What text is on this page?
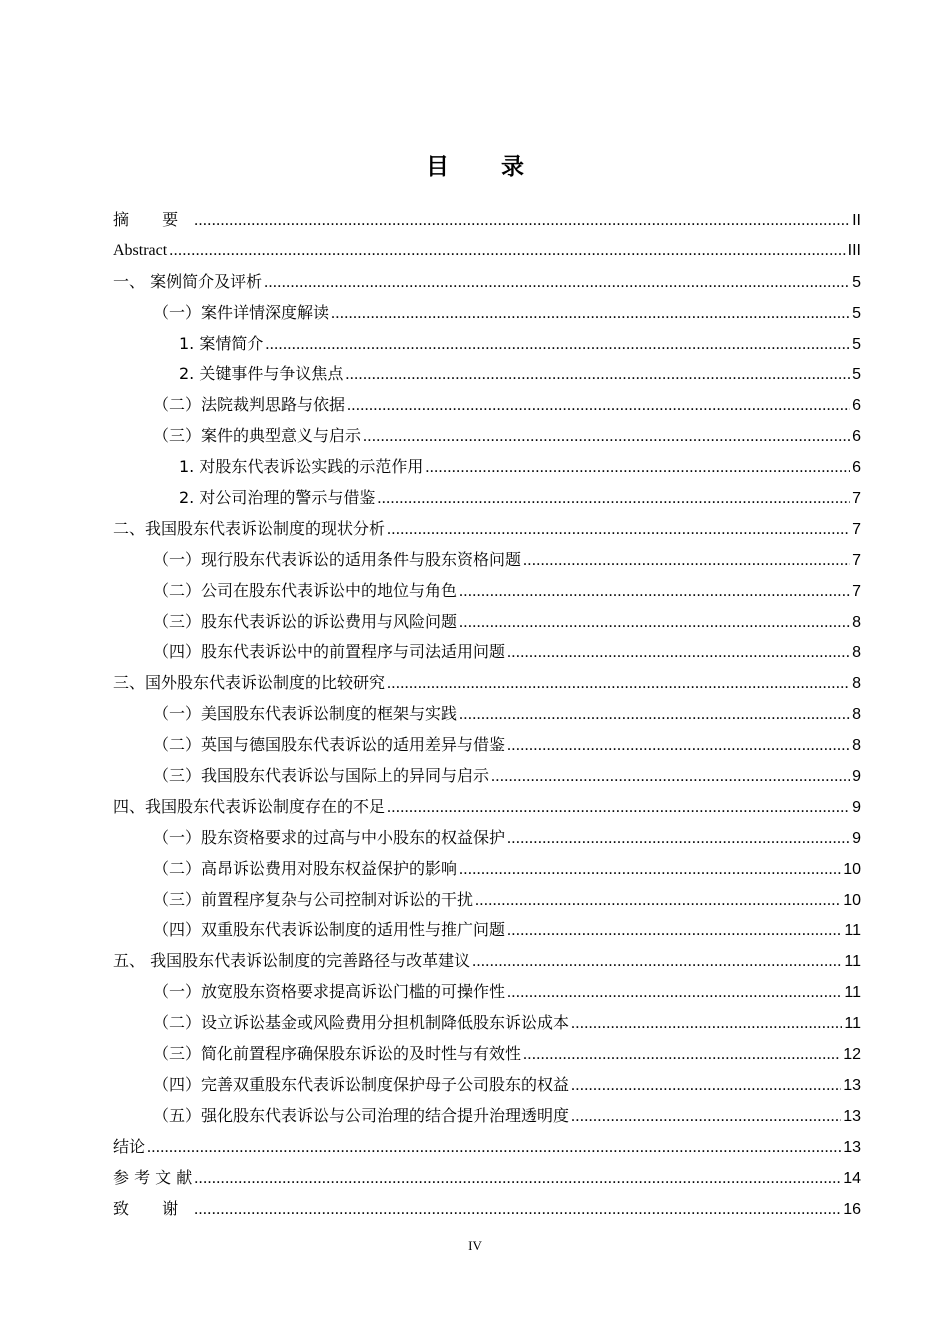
目 录
摘 要 .....	II
Abstract .....	III
一、 案例简介及评析 .....	5
（一）案件详情深度解读 .....	5
1. 案情简介 .....	5
2. 关键事件与争议焦点 .....	5
（二）法院裁判思路与依据 .....	6
（三）案件的典型意义与启示 .....	6
1. 对股东代表诉讼实践的示范作用 .....	6
2. 对公司治理的警示与借鉴 .....	7
二、我国股东代表诉讼制度的现状分析 .....	7
（一）现行股东代表诉讼的适用条件与股东资格问题 .....	7
（二）公司在股东代表诉讼中的地位与角色 .....	7
（三）股东代表诉讼的诉讼费用与风险问题 .....	8
（四）股东代表诉讼中的前置程序与司法适用问题 .....	8
三、国外股东代表诉讼制度的比较研究 .....	8
（一）美国股东代表诉讼制度的框架与实践 .....	8
（二）英国与德国股东代表诉讼的适用差异与借鉴 .....	8
（三）我国股东代表诉讼与国际上的异同与启示 .....	9
四、我国股东代表诉讼制度存在的不足 .....	9
（一）股东资格要求的过高与中小股东的权益保护 .....	9
（二）高昂诉讼费用对股东权益保护的影响 .....	10
（三）前置程序复杂与公司控制对诉讼的干扰 .....	10
（四）双重股东代表诉讼制度的适用性与推广问题 .....	11
五、 我国股东代表诉讼制度的完善路径与改革建议 .....	11
（一）放宽股东资格要求提高诉讼门槛的可操作性 .....	11
（二）设立诉讼基金或风险费用分担机制降低股东诉讼成本 .....	11
（三）简化前置程序确保股东诉讼的及时性与有效性 .....	12
（四）完善双重股东代表诉讼制度保护母子公司股东的权益 .....	13
（五）强化股东代表诉讼与公司治理的结合提升治理透明度 .....	13
结论 .....	13
参 考 文 献 .....	14
致 谢 .....	16
IV
